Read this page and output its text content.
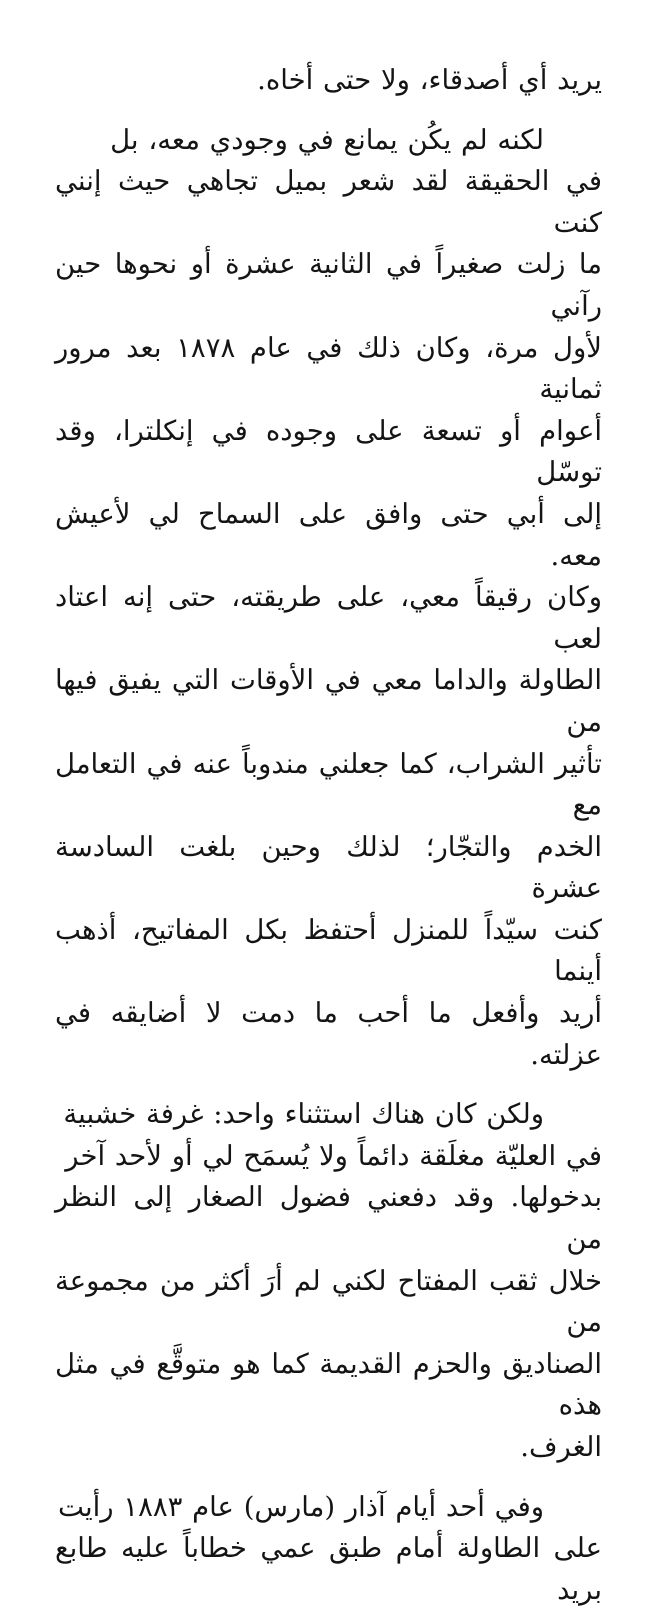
يريد أي أصدقاء، ولا حتى أخاه.

لكنه لم يكُن يمانع في وجودي معه، بل
في الحقيقة لقد شعر بميل تجاهي حيث إنني كنت
ما زلت صغيراً في الثانية عشرة أو نحوها حين رآني
لأول مرة، وكان ذلك في عام ١٨٧٨ بعد مرور ثمانية
أعوام أو تسعة على وجوده في إنكلترا، وقد توسّل
إلى أبي حتى وافق على السماح لي لأعيش معه.
وكان رقيقاً معي، على طريقته، حتى إنه اعتاد لعب
الطاولة والداما معي في الأوقات التي يفيق فيها من
تأثير الشراب، كما جعلني مندوباً عنه في التعامل مع
الخدم والتجّار؛ لذلك وحين بلغت السادسة عشرة
كنت سيّداً للمنزل أحتفظ بكل المفاتيح، أذهب أينما
أريد وأفعل ما أحب ما دمت لا أضايقه في عزلته.

ولكن كان هناك استثناء واحد: غرفة خشبية
في العليّة مغلَقة دائماً ولا يُسمَح لي أو لأحد آخر
بدخولها. وقد دفعني فضول الصغار إلى النظر من
خلال ثقب المفتاح لكني لم أرَ أكثر من مجموعة من
الصناديق والحزم القديمة كما هو متوقَّع في مثل هذه
الغرف.

وفي أحد أيام آذار (مارس) عام ١٨٨٣ رأيت
على الطاولة أمام طبق عمي خطاباً عليه طابع بريد
